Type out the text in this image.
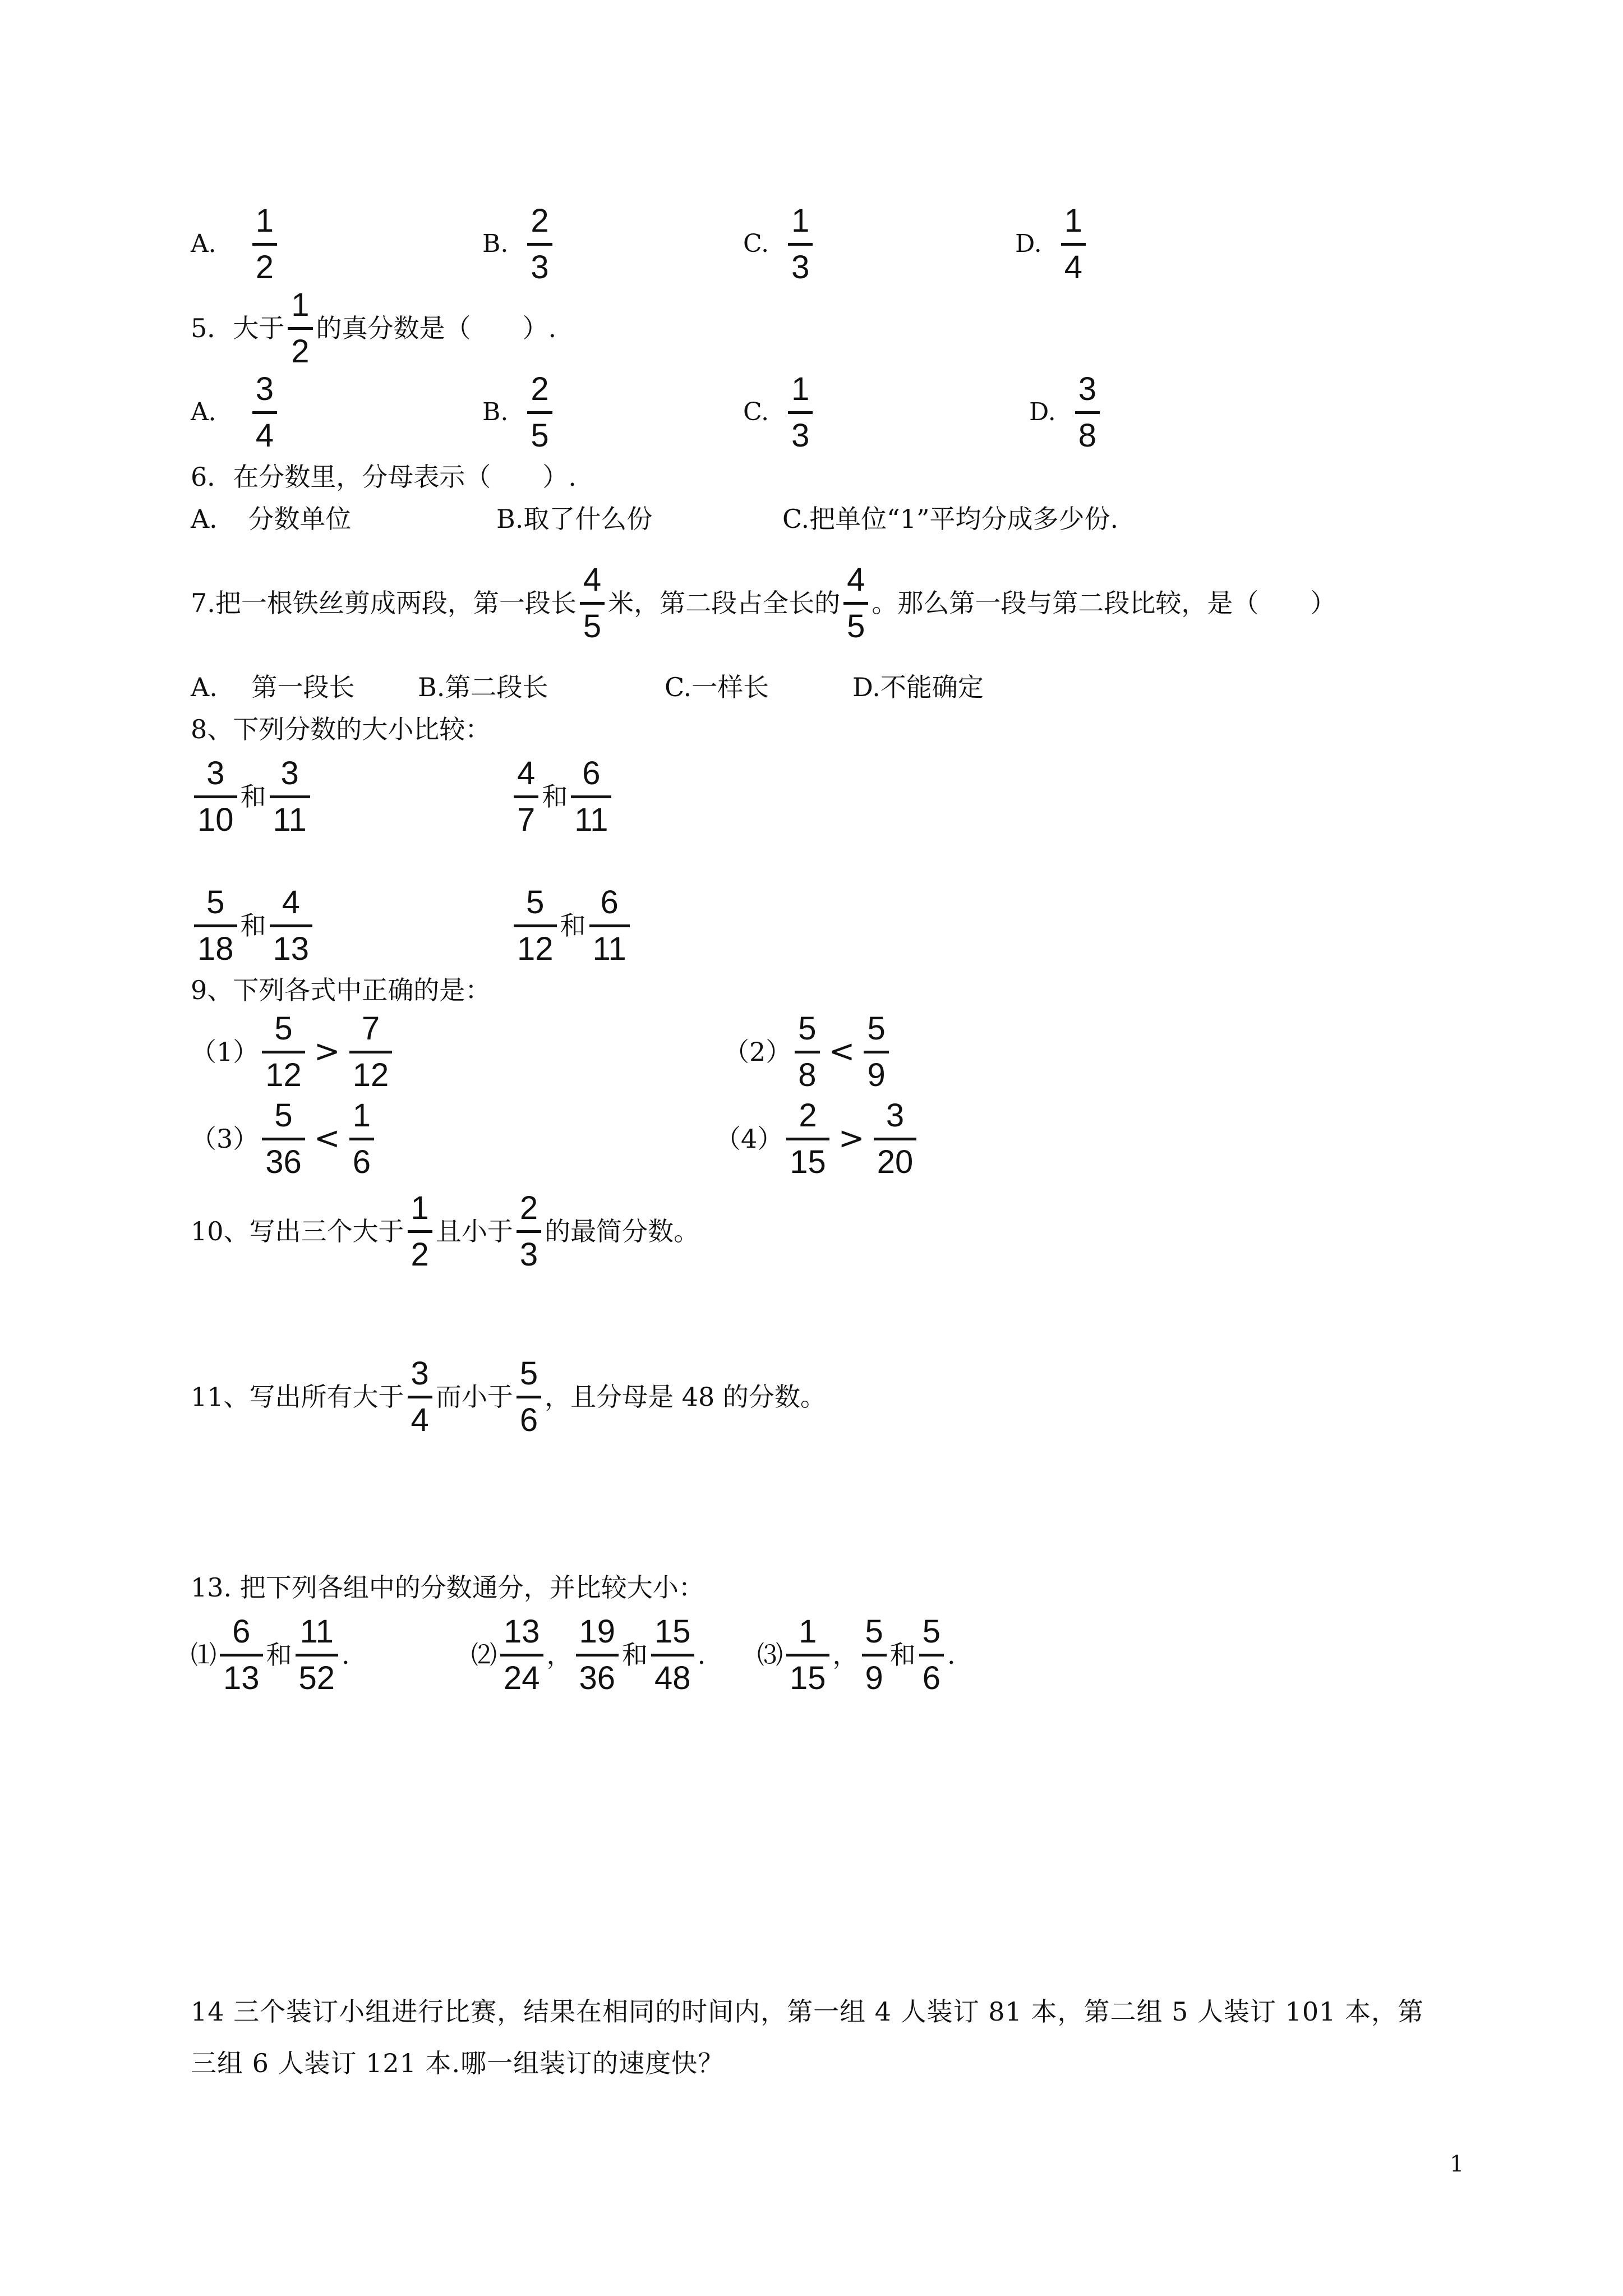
A．
1
2
B.
2
3
C.
1
3
D.
1
4
5．大于
1
2
的真分数是（　　）.
A．
3
4
B.
2
5
C.
1
3
D.
3
8
6．在分数里，分母表示（　　）.
A．　分数单位	B.取了什么份	C.把单位“1”平均分成多少份.
7.把一根铁丝剪成两段，第一段长
4
5
米，第二段占全长的
4
5
。那么第一段与第二段比较，是（　　）
A.　 第一段长 B.第二段长	C.一样长	D.不能确定
8、下列分数的大小比较：
3
10
和
3
11
4
7
和
6
11
5
18
和
4
13
5
12
和
6
11
9、下列各式中正确的是：
（1）
5
12
>
7
12
（2）
5
8
<
5
9
（3）
5
36
<
1
6
（4）
2
15
>
3
20
10、写出三个大于
1
2
且小于
2
3
的最简分数。
11、写出所有大于
3
4
而小于
5
6
，且分母是 48 的分数。
13. 把下列各组中的分数通分，并比较大小：
⑴
6
13
和
11
52
.	⑵
13
24
，
19
36
和
15
48
. ⑶
1
15
，
5
9
和
5
6
.
14 三个装订小组进行比赛，结果在相同的时间内，第一组 4 人装订 81 本，第二组 5 人装订 101 本，第
三组 6 人装订 121 本.哪一组装订的速度快？
1
